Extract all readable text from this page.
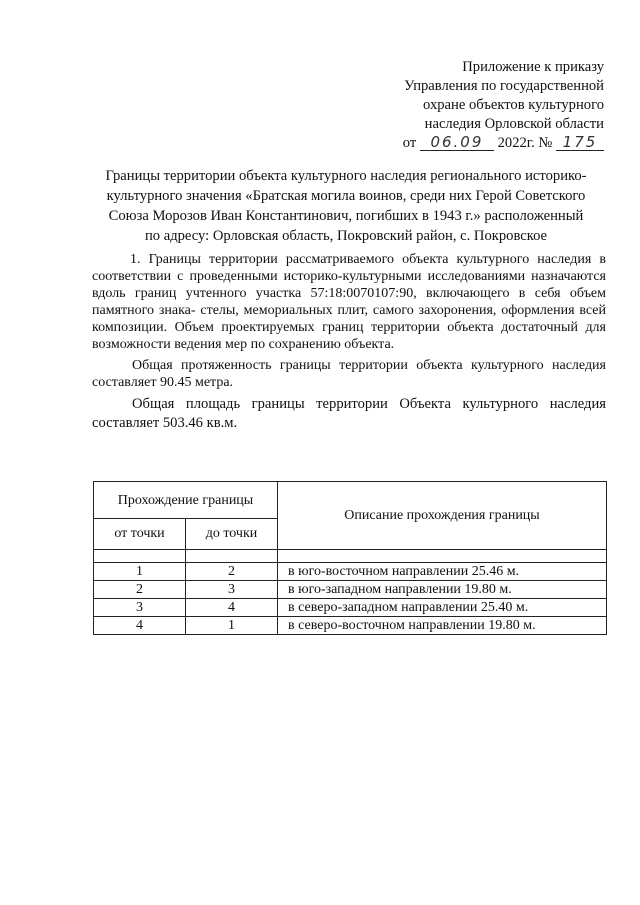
Приложение к приказу
Управления по государственной
охране объектов культурного
наследия Орловской области
от 06.09 2022г. № 175
Границы территории объекта культурного наследия регионального историко-
культурного значения «Братская могила воинов, среди них Герой Советского
Союза Морозов Иван Константинович, погибших в 1943 г.» расположенный
по адресу: Орловская область, Покровский район, с. Покровское

1. Границы территории рассматриваемого объекта культурного наследия в соответствии с проведенными историко-культурными исследованиями назначаются вдоль границ учтенного участка 57:18:0070107:90, включающего в себя объем памятного знака- стелы, мемориальных плит, самого захоронения, оформления всей композиции. Объем проектируемых границ территории объекта достаточный для возможности ведения мер по сохранению объекта.

Общая протяженность границы территории объекта культурного наследия составляет 90.45 метра.

Общая площадь границы территории Объекта культурного наследия составляет 503.46 кв.м.

Прохождение границы		Описание прохождения границы
от точки	до точки	

1	2	в юго-восточном направлении 25.46 м.
2	3	в юго-западном направлении 19.80 м.
3	4	в северо-западном направлении 25.40 м.
4	1	в северо-восточном направлении 19.80 м.
